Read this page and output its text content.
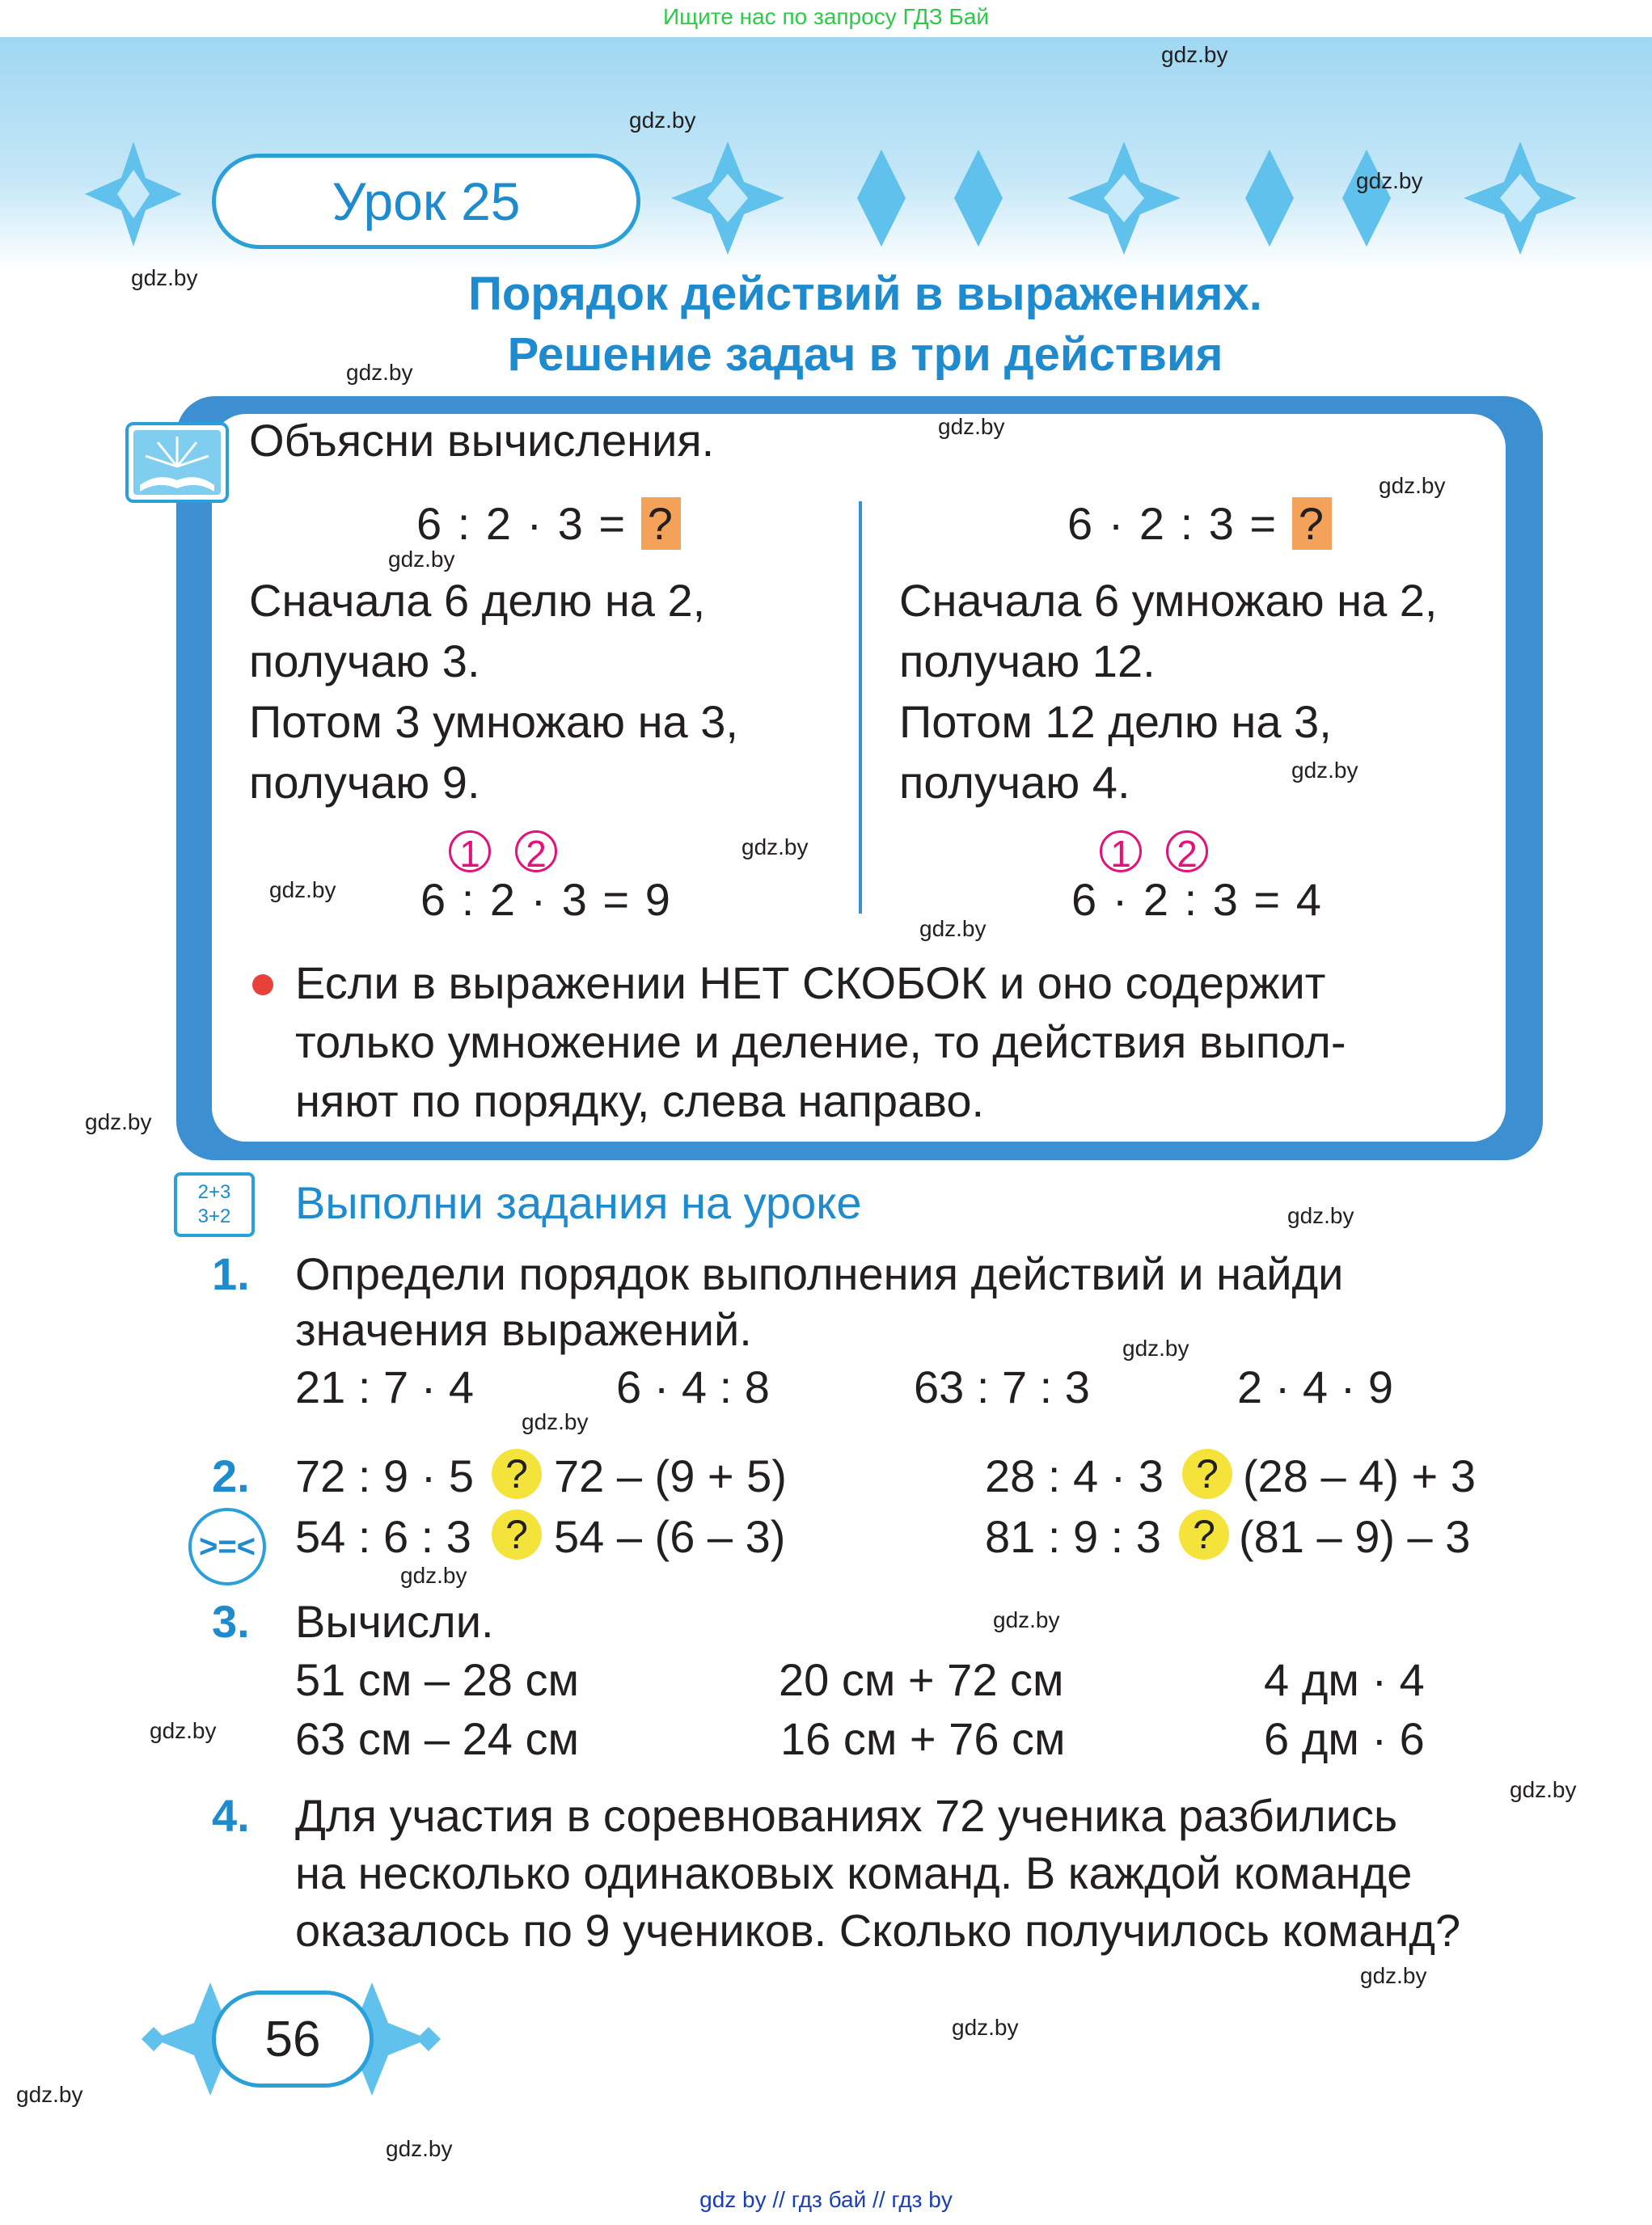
Ищите нас по запросу ГДЗ Бай
Урок 25
Порядок действий в выражениях.
Решение задач в три действия
Объясни вычисления.
6 : 2 · 3 = ?
Сначала 6 делю на 2,
получаю 3.
Потом 3 умножаю на 3,
получаю 9.
1 2
6 : 2 · 3 = 9
6 · 2 : 3 = ?
Сначала 6 умножаю на 2,
получаю 12.
Потом 12 делю на 3,
получаю 4.
1 2
6 · 2 : 3 = 4
Если в выражении НЕТ СКОБОК и оно содержит
только умножение и деление, то действия выпол-
няют по порядку, слева направо.
2+3
3+2	Выполни задания на уроке
1. Определи порядок выполнения действий и найди
значения выражений.
21 : 7 · 4	6 · 4 : 8	63 : 7 : 3	2 · 4 · 9
2.
>=<
72 : 9 · 5 ? 72 – (9 + 5)	28 : 4 · 3 ? (28 – 4) + 3
54 : 6 : 3 ? 54 – (6 – 3)	81 : 9 : 3 ? (81 – 9) – 3
3. Вычисли.
51 см – 28 см	20 см + 72 см	4 дм · 4
63 см – 24 см	16 см + 76 см	6 дм · 6
4. Для участия в соревнованиях 72 ученика разбились
на несколько одинаковых команд. В каждой команде
оказалось по 9 учеников. Сколько получилось команд?
56
gdz.by
gdz.by
gdz.by
gdz.by
gdz.by
gdz.by
gdz.by
gdz.by
gdz.by
gdz.by
gdz.by
gdz.by
gdz.by
gdz.by
gdz.by
gdz.by
gdz.by
gdz.by
gdz.by
gdz.by
gdz.by
gdz.by
gdz.by
gdz.by
gdz by // гдз бай // гдз by
